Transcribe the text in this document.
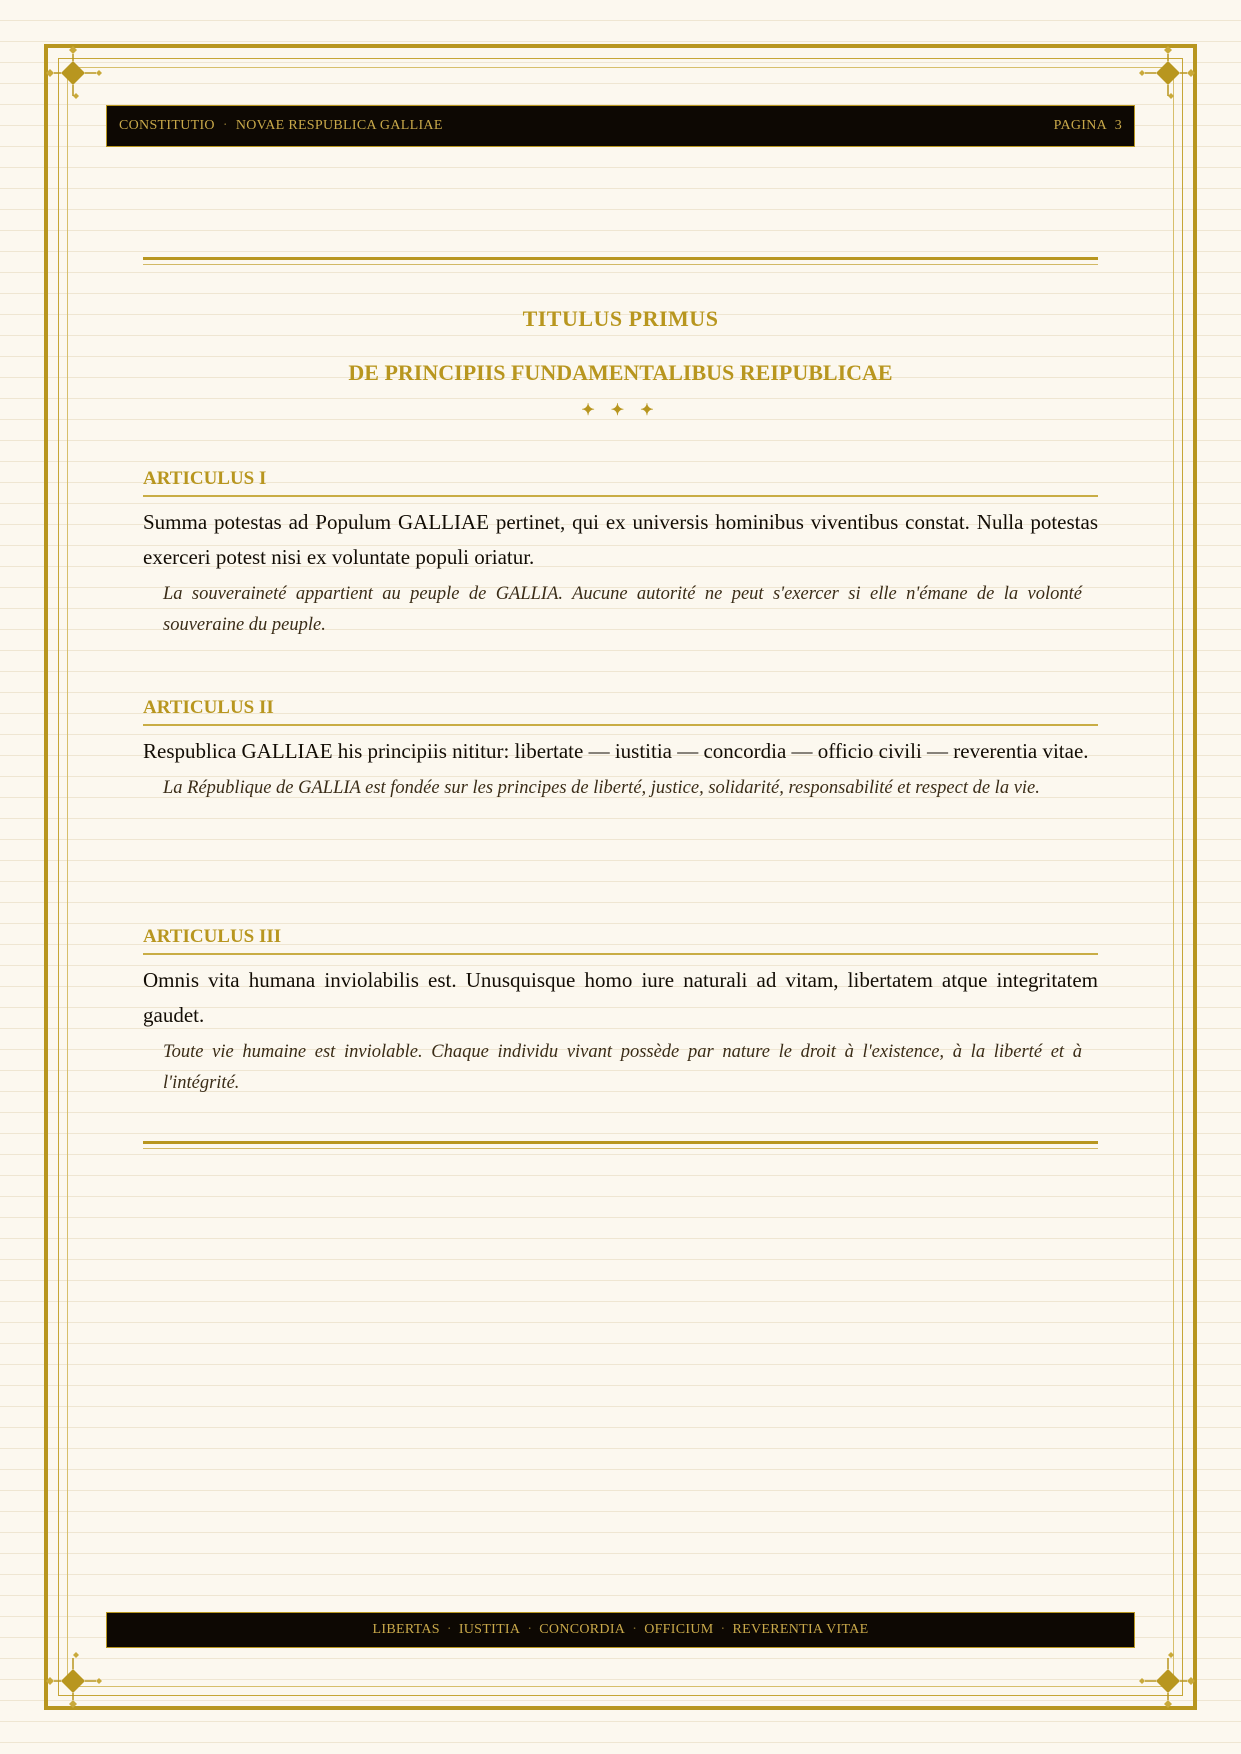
CONSTITUTIO · NOVAE RESPUBLICA GALLIAE	PAGINA 3
TITULUS PRIMUS
DE PRINCIPIIS FUNDAMENTALIBUS REIPUBLICAE
✦ ✦ ✦
ARTICULUS I
Summa potestas ad Populum GALLIAE pertinet, qui ex universis hominibus viventibus constat. Nulla potestas exerceri potest nisi ex voluntate populi oriatur.
La souveraineté appartient au peuple de GALLIA. Aucune autorité ne peut s'exercer si elle n'émane de la volonté souveraine du peuple.
ARTICULUS II
Respublica GALLIAE his principiis nititur: libertate — iustitia — concordia — officio civili — reverentia vitae.
La République de GALLIA est fondée sur les principes de liberté, justice, solidarité, responsabilité et respect de la vie.
ARTICULUS III
Omnis vita humana inviolabilis est. Unusquisque homo iure naturali ad vitam, libertatem atque integritatem gaudet.
Toute vie humaine est inviolable. Chaque individu vivant possède par nature le droit à l'existence, à la liberté et à l'intégrité.
LIBERTAS	· IUSTITIA	· CONCORDIA	· OFFICIUM	· REVERENTIA VITAE
